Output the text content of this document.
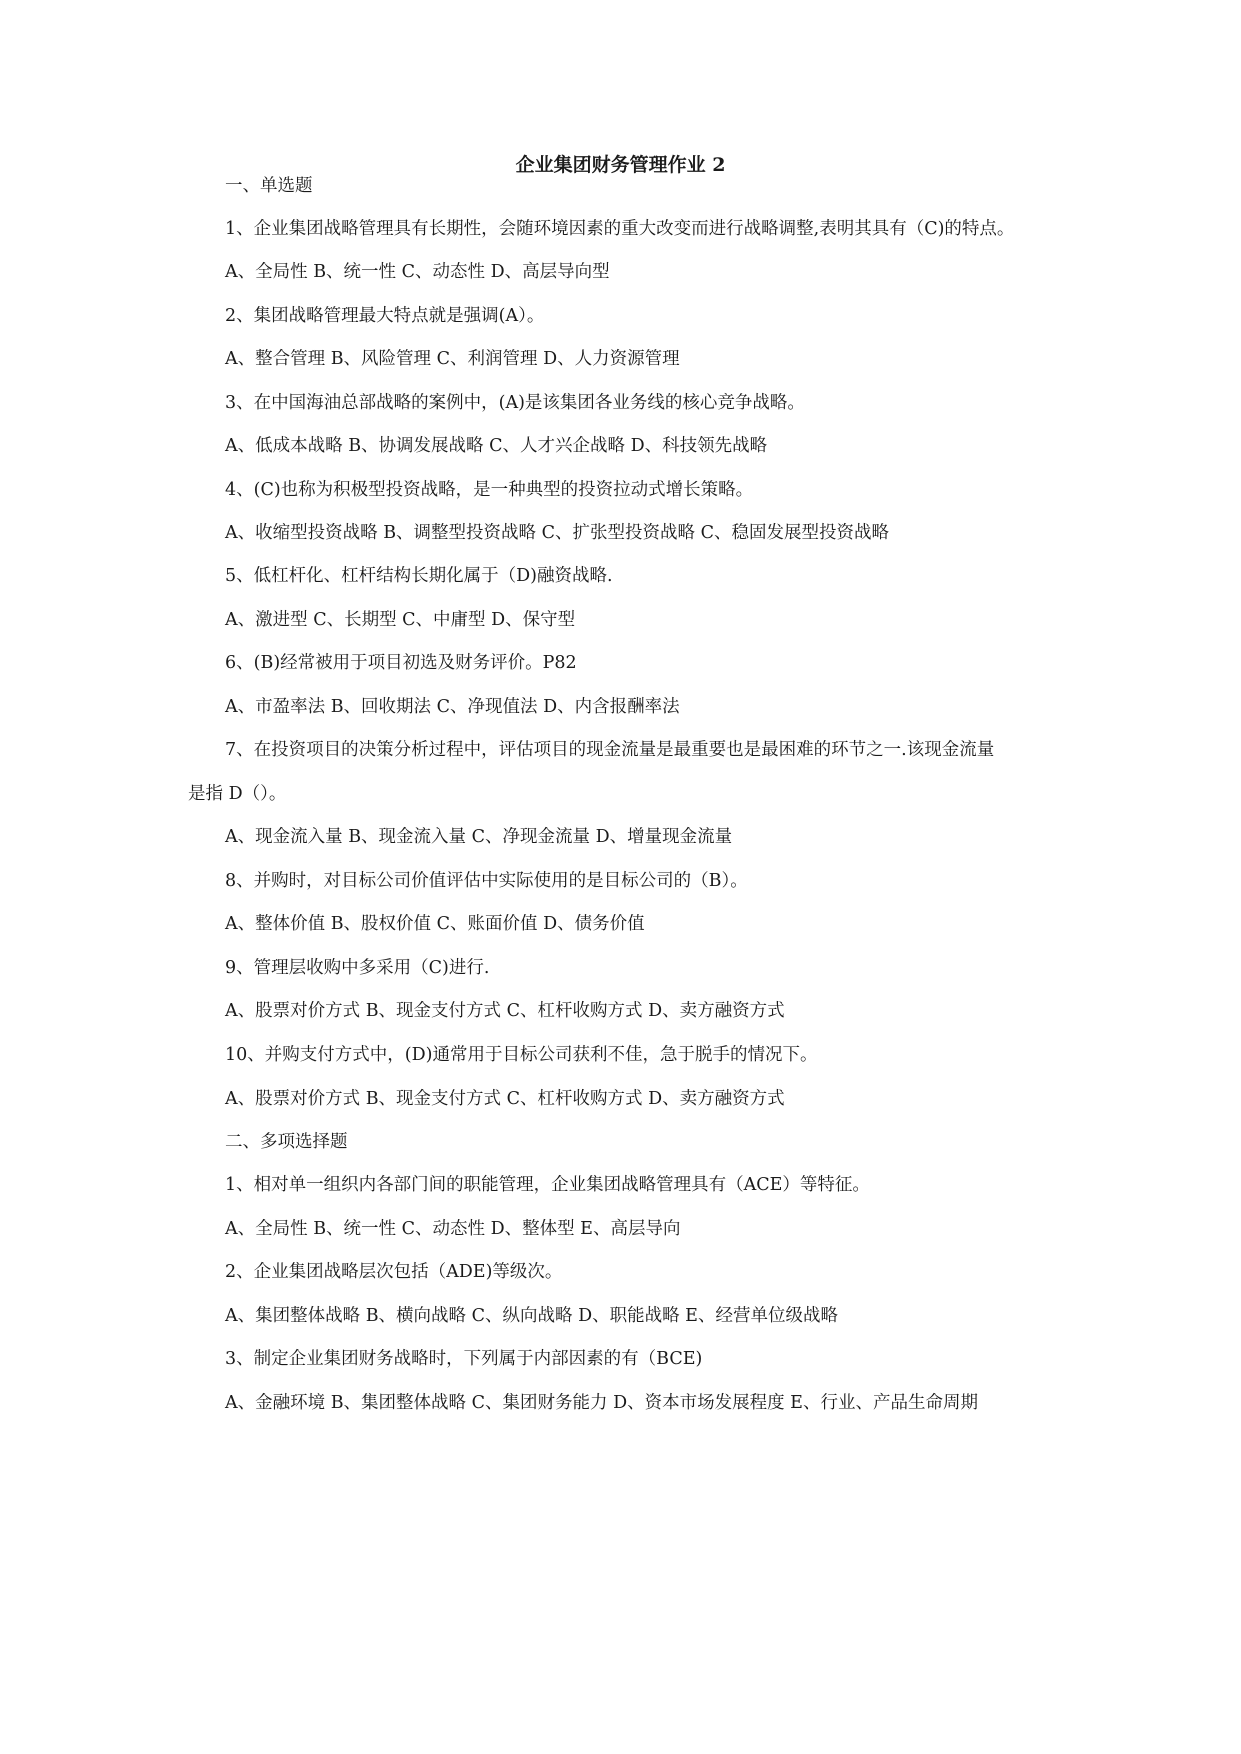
企业集团财务管理作业 2
一、单选题
1、企业集团战略管理具有长期性，会随环境因素的重大改变而进行战略调整,表明其具有（C)的特点。
A、全局性 B、统一性 C、动态性 D、高层导向型
2、集团战略管理最大特点就是强调(A）。
A、整合管理 B、风险管理 C、利润管理 D、人力资源管理
3、在中国海油总部战略的案例中，(A)是该集团各业务线的核心竞争战略。
A、低成本战略 B、协调发展战略 C、人才兴企战略 D、科技领先战略
4、(C)也称为积极型投资战略，是一种典型的投资拉动式增长策略。
A、收缩型投资战略 B、调整型投资战略 C、扩张型投资战略 C、稳固发展型投资战略
5、低杠杆化、杠杆结构长期化属于（D)融资战略.
A、激进型 C、长期型 C、中庸型 D、保守型
6、(B)经常被用于项目初选及财务评价。P82
A、市盈率法 B、回收期法 C、净现值法 D、内含报酬率法
7、在投资项目的决策分析过程中，评估项目的现金流量是最重要也是最困难的环节之一.该现金流量
是指 D（）。
A、现金流入量 B、现金流入量 C、净现金流量 D、增量现金流量
8、并购时，对目标公司价值评估中实际使用的是目标公司的（B）。
A、整体价值 B、股权价值 C、账面价值 D、债务价值
9、管理层收购中多采用（C)进行.
A、股票对价方式 B、现金支付方式 C、杠杆收购方式 D、卖方融资方式
10、并购支付方式中，(D)通常用于目标公司获利不佳，急于脱手的情况下。
A、股票对价方式 B、现金支付方式 C、杠杆收购方式 D、卖方融资方式
二、多项选择题
1、相对单一组织内各部门间的职能管理，企业集团战略管理具有（ACE）等特征。
A、全局性 B、统一性 C、动态性 D、整体型 E、高层导向
2、企业集团战略层次包括（ADE)等级次。
A、集团整体战略 B、横向战略 C、纵向战略 D、职能战略 E、经营单位级战略
3、制定企业集团财务战略时，下列属于内部因素的有（BCE)
A、金融环境 B、集团整体战略 C、集团财务能力 D、资本市场发展程度 E、行业、产品生命周期
